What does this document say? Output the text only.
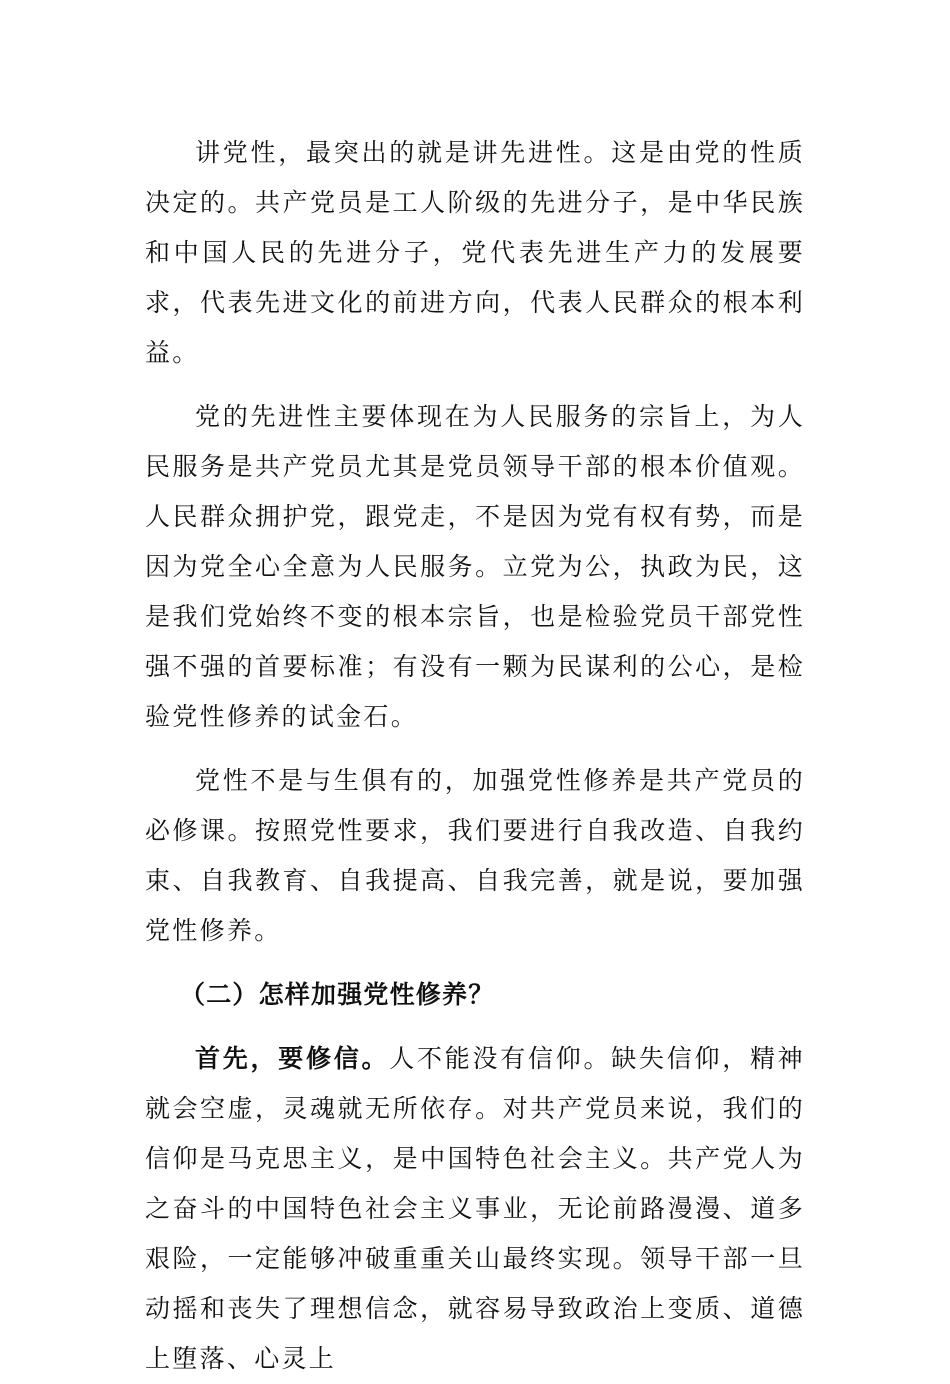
讲党性，最突出的就是讲先进性。这是由党的性质决定的。共产党员是工人阶级的先进分子，是中华民族和中国人民的先进分子，党代表先进生产力的发展要求，代表先进文化的前进方向，代表人民群众的根本利益。

党的先进性主要体现在为人民服务的宗旨上，为人民服务是共产党员尤其是党员领导干部的根本价值观。人民群众拥护党，跟党走，不是因为党有权有势，而是因为党全心全意为人民服务。立党为公，执政为民，这是我们党始终不变的根本宗旨，也是检验党员干部党性强不强的首要标准；有没有一颗为民谋利的公心，是检验党性修养的试金石。

党性不是与生俱有的，加强党性修养是共产党员的必修课。按照党性要求，我们要进行自我改造、自我约束、自我教育、自我提高、自我完善，就是说，要加强党性修养。

（二）怎样加强党性修养？

首先，要修信。人不能没有信仰。缺失信仰，精神就会空虚，灵魂就无所依存。对共产党员来说，我们的信仰是马克思主义，是中国特色社会主义。共产党人为之奋斗的中国特色社会主义事业，无论前路漫漫、道多艰险，一定能够冲破重重关山最终实现。领导干部一旦动摇和丧失了理想信念，就容易导致政治上变质、道德上堕落、心灵上
